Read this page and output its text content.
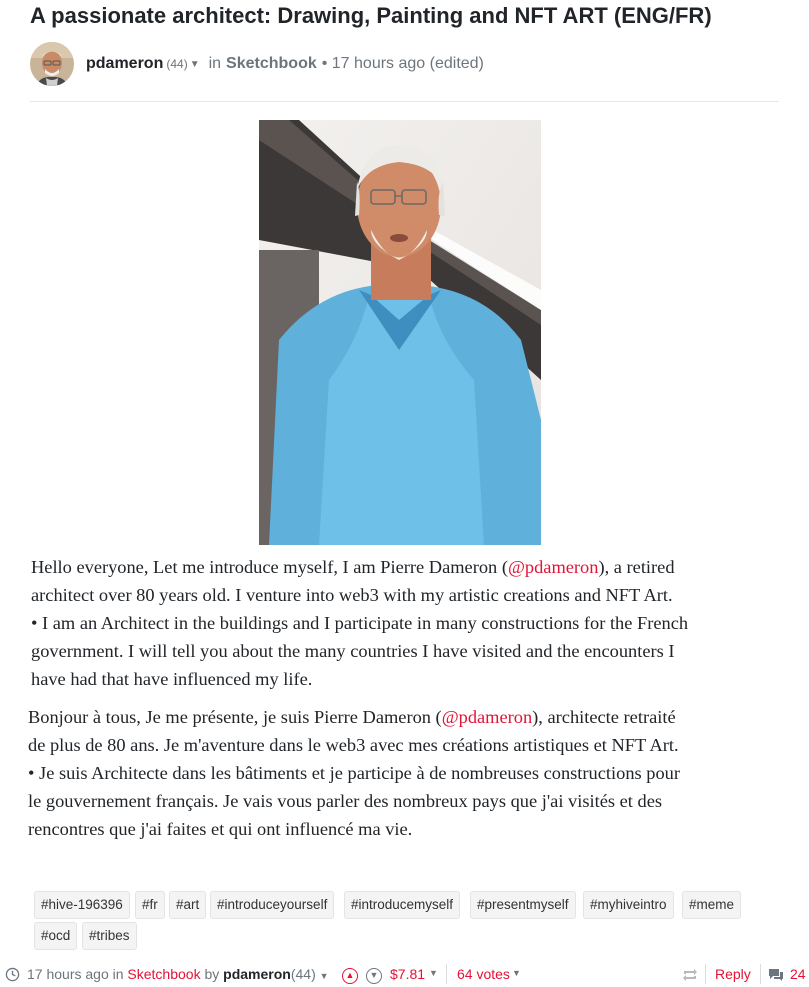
A passionate architect: Drawing, Painting and NFT ART (ENG/FR)
pdameron (44) ▼ in Sketchbook • 17 hours ago (edited)
Hello everyone, Let me introduce myself, I am Pierre Dameron (@pdameron), a retired
architect over 80 years old. I venture into web3 with my artistic creations and NFT Art.
• I am an Architect in the buildings and I participate in many constructions for the French
government. I will tell you about the many countries I have visited and the encounters I
have had that have influenced my life.
Bonjour à tous, Je me présente, je suis Pierre Dameron (@pdameron), architecte retraité
de plus de 80 ans. Je m'aventure dans le web3 avec mes créations artistiques et NFT Art.
• Je suis Architecte dans les bâtiments et je participe à de nombreuses constructions pour
le gouvernement français. Je vais vous parler des nombreux pays que j'ai visités et des
rencontres que j'ai faites et qui ont influencé ma vie.
#hive-196396	#fr	#art	#introduceyourself	#introducemyself	#presentmyself	#myhiveintro	#meme
#ocd	#tribes
17 hours ago in Sketchbook by pdameron(44) ▼	▲	▼ $7.81 ▼ 64 votes ▼	Reply	24
